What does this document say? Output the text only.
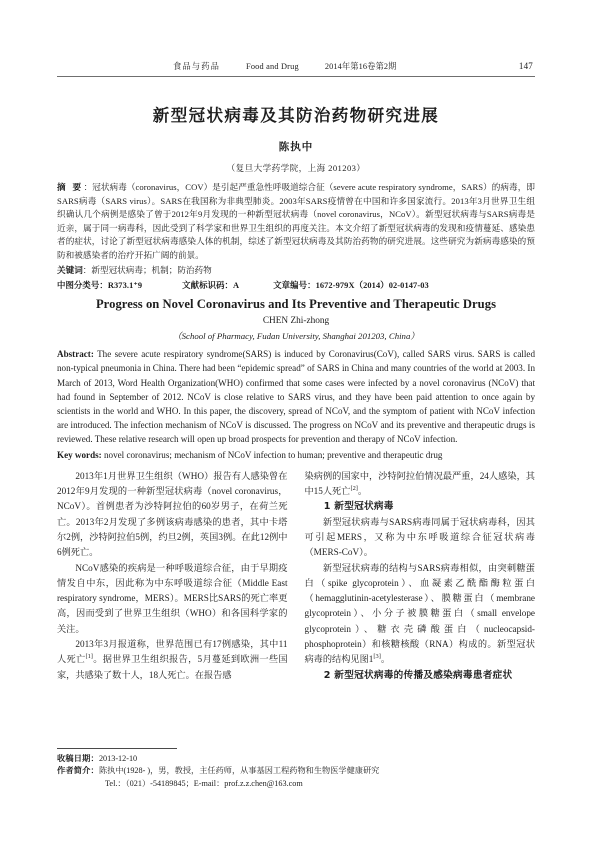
食品与药品	Food and Drug	2014年第16卷第2期	147
新型冠状病毒及其防治药物研究进展
陈执中
（复旦大学药学院，上海 201203）
摘 要：冠状病毒（coronavirus，COV）是引起严重急性呼吸道综合征（severe acute respiratory syndrome，SARS）的病毒，即SARS病毒（SARS virus）。SARS在我国称为非典型肺炎。2003年SARS疫情曾在中国和许多国家流行。2013年3月世界卫生组织确认几个病例是感染了曾于2012年9月发现的一种新型冠状病毒（novel coronavirus，NCoV）。新型冠状病毒与SARS病毒是近亲，属于同一病毒科，因此受到了科学家和世界卫生组织的再度关注。本文介绍了新型冠状病毒的发现和疫情蔓延、感染患者的症状，讨论了新型冠状病毒感染人体的机制，综述了新型冠状病毒及其防治药物的研究进展。这些研究为新病毒感染的预防和被感染者的治疗开拓广阔的前景。
关键词：新型冠状病毒；机制；防治药物
中图分类号：R373.1⁺9	文献标识码：A	文章编号：1672-979X（2014）02-0147-03
Progress on Novel Coronavirus and Its Preventive and Therapeutic Drugs
CHEN Zhi-zhong
（School of Pharmacy, Fudan University, Shanghai 201203, China）
Abstract: The severe acute respiratory syndrome(SARS) is induced by Coronavirus(CoV), called SARS virus. SARS is called non-typical pneumonia in China. There had been “epidemic spread” of SARS in China and many countries of the world at 2003. In March of 2013, Word Health Organization(WHO) confirmed that some cases were infected by a novel coronavirus (NCoV) that had found in September of 2012. NCoV is close relative to SARS virus, and they have been paid attention to once again by scientists in the world and WHO. In this paper, the discovery, spread of NCoV, and the symptom of patient with NCoV infection are introduced. The infection mechanism of NCoV is discussed. The progress on NCoV and its preventive and therapeutic drugs is reviewed. These relative research will open up broad prospects for prevention and therapy of NCoV infection.
Key words: novel coronavirus; mechanism of NCoV infection to human; preventive and therapeutic drug

2013年1月世界卫生组织（WHO）报告有人感染曾在2012年9月发现的一种新型冠状病毒（novel coronavirus，NCoV）。首例患者为沙特阿拉伯的60岁男子，在荷兰死亡。2013年2月发现了多例该病毒感染的患者，其中卡塔尔2例，沙特阿拉伯5例，约旦2例，英国3例。在此12例中6例死亡。

NCoV感染的疾病是一种呼吸道综合征，由于早期疫情发自中东，因此称为中东呼吸道综合征（Middle East respiratory syndrome，MERS）。MERS比SARS的死亡率更高，因而受到了世界卫生组织（WHO）和各国科学家的关注。

2013年3月报道称，世界范围已有17例感染，其中11人死亡[1]。据世界卫生组织报告，5月蔓延到欧洲一些国家，共感染了数十人，18人死亡。在报告感

染病例的国家中，沙特阿拉伯情况最严重，24人感染，其中15人死亡[2]。

1 新型冠状病毒

新型冠状病毒与SARS病毒同属于冠状病毒科，因其可引起MERS，又称为中东呼吸道综合征冠状病毒（MERS-CoV）。

新型冠状病毒的结构与SARS病毒相似，由突刺糖蛋白（spike glycoprotein）、血凝素乙酰酯酶粒蛋白（hemagglutinin-acetylesterase）、膜糖蛋白（membrane glycoprotein）、小分子被膜糖蛋白（small envelope glycoprotein）、糖衣壳磷酸蛋白（nucleocapsid-phosphoprotein）和核糖核酸（RNA）构成的。新型冠状病毒的结构见图1[3]。

2 新型冠状病毒的传播及感染病毒患者症状

收稿日期：2013-12-10
作者简介：陈执中(1928- )，男，教授，主任药师，从事基因工程药物和生物医学健康研究
Tel.：（021）-54189845；E-mail：prof.z.z.chen@163.com
